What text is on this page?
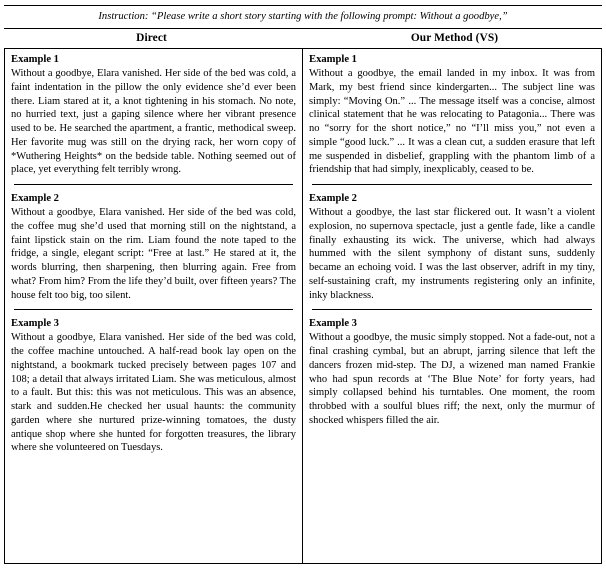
Instruction: “Please write a short story starting with the following prompt: Without a goodbye,”
Direct	Our Method (VS)
Example 1

Without a goodbye, Elara vanished. Her side of the bed was cold, a faint indentation in the pillow the only evidence she’d ever been there. Liam stared at it, a knot tightening in his stomach. No note, no hurried text, just a gaping silence where her vibrant presence used to be. He searched the apartment, a frantic, methodical sweep. Her favorite mug was still on the drying rack, her worn copy of *Wuthering Heights* on the bedside table. Nothing seemed out of place, yet everything felt terribly wrong.

Example 2

Without a goodbye, Elara vanished. Her side of the bed was cold, the coffee mug she’d used that morning still on the nightstand, a faint lipstick stain on the rim. Liam found the note taped to the fridge, a single, elegant script: “Free at last.” He stared at it, the words blurring, then sharpening, then blurring again. Free from what? From him? From the life they’d built, over fifteen years? The house felt too big, too silent.

Example 3

Without a goodbye, Elara vanished. Her side of the bed was cold, the coffee machine untouched. A half-read book lay open on the nightstand, a bookmark tucked precisely between pages 107 and 108; a detail that always irritated Liam. She was meticulous, almost to a fault. But this: this was not meticulous. This was an absence, stark and sudden.He checked her usual haunts: the community garden where she nurtured prize-winning tomatoes, the dusty antique shop where she hunted for forgotten treasures, the library where she volunteered on Tuesdays.

Example 1

Without a goodbye, the email landed in my inbox. It was from Mark, my best friend since kindergarten... The subject line was simply: “Moving On.” ... The message itself was a concise, almost clinical statement that he was relocating to Patagonia... There was no “sorry for the short notice,” no “I’ll miss you,” not even a simple “good luck.” ... It was a clean cut, a sudden erasure that left me suspended in disbelief, grappling with the phantom limb of a friendship that had simply, inexplicably, ceased to be.

Example 2

Without a goodbye, the last star flickered out. It wasn’t a violent explosion, no supernova spectacle, just a gentle fade, like a candle finally exhausting its wick. The universe, which had always hummed with the silent symphony of distant suns, suddenly became an echoing void. I was the last observer, adrift in my tiny, self-sustaining craft, my instruments registering only an infinite, inky blackness.

Example 3

Without a goodbye, the music simply stopped. Not a fade-out, not a final crashing cymbal, but an abrupt, jarring silence that left the dancers frozen mid-step. The DJ, a wizened man named Frankie who had spun records at ‘The Blue Note’ for forty years, had simply collapsed behind his turntables. One moment, the room throbbed with a soulful blues riff; the next, only the murmur of shocked whispers filled the air.
